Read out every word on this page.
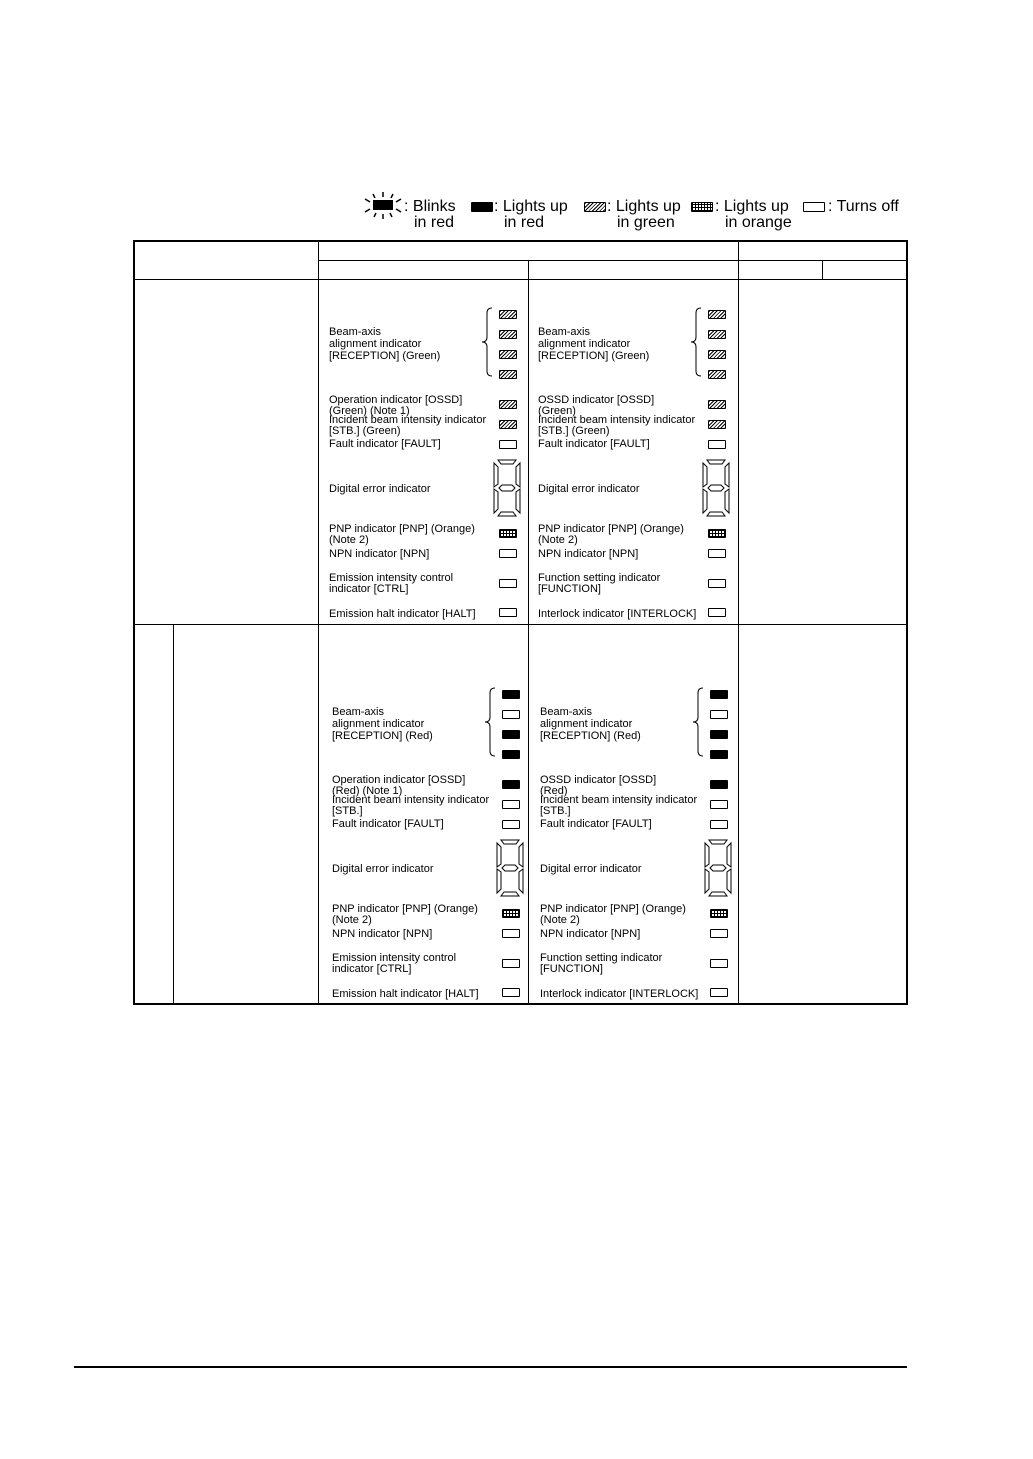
: Blinks
in red
: Lights up
in red
: Lights up
in green
: Lights up
in orange
: Turns off
Beam-axis
alignment indicator
[RECEPTION] (Green)
Operation indicator [OSSD]
(Green) (Note 1)
Incident beam intensity indicator
[STB.] (Green)
Fault indicator [FAULT]
Digital error indicator
PNP indicator [PNP] (Orange)
(Note 2)
NPN indicator [NPN]
Emission intensity control
indicator [CTRL]
Emission halt indicator [HALT]
Beam-axis
alignment indicator
[RECEPTION] (Green)
OSSD indicator [OSSD]
(Green)
Incident beam intensity indicator
[STB.] (Green)
Fault indicator [FAULT]
Digital error indicator
PNP indicator [PNP] (Orange)
(Note 2)
NPN indicator [NPN]
Function setting indicator
[FUNCTION]
Interlock indicator [INTERLOCK]
Beam-axis
alignment indicator
[RECEPTION] (Red)
Operation indicator [OSSD]
(Red) (Note 1)
Incident beam intensity indicator
[STB.]
Fault indicator [FAULT]
Digital error indicator
PNP indicator [PNP] (Orange)
(Note 2)
NPN indicator [NPN]
Emission intensity control
indicator [CTRL]
Emission halt indicator [HALT]
Beam-axis
alignment indicator
[RECEPTION] (Red)
OSSD indicator [OSSD]
(Red)
Incident beam intensity indicator
[STB.]
Fault indicator [FAULT]
Digital error indicator
PNP indicator [PNP] (Orange)
(Note 2)
NPN indicator [NPN]
Function setting indicator
[FUNCTION]
Interlock indicator [INTERLOCK]
